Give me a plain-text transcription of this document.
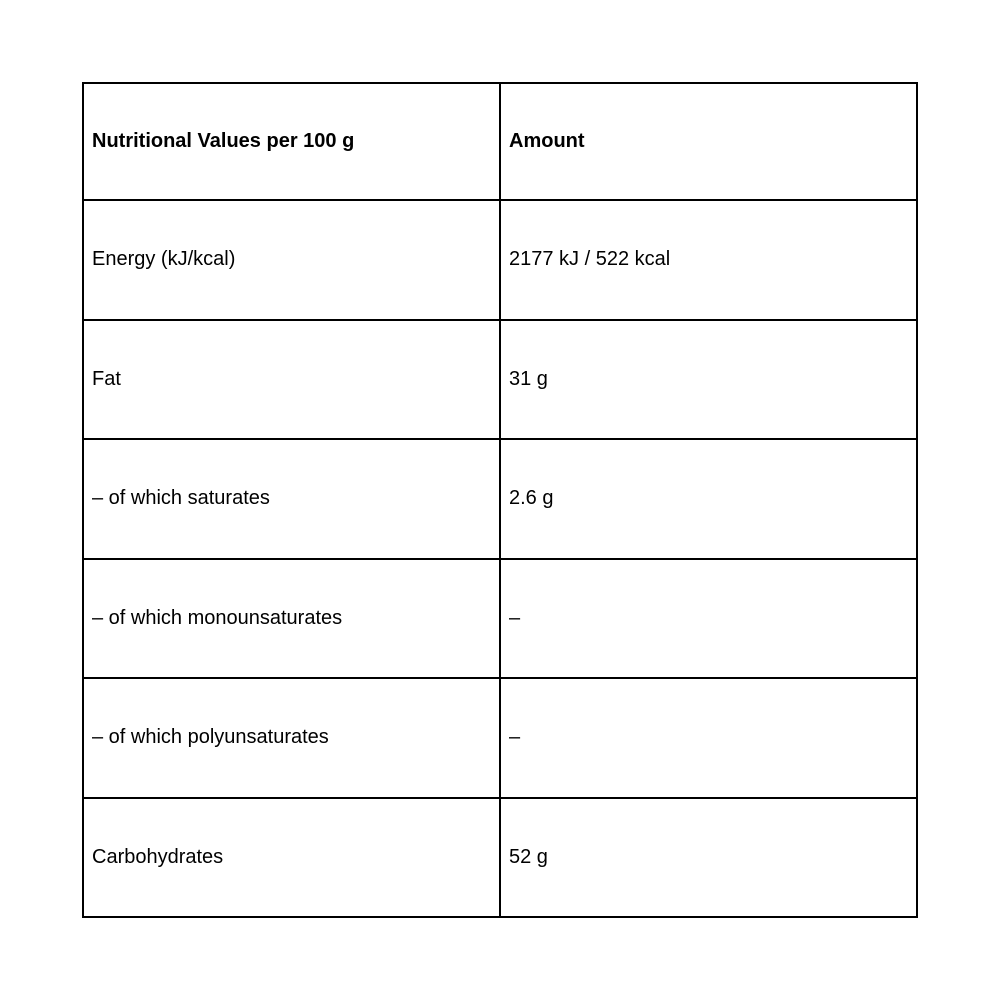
Nutritional Values per 100 g	Amount
Energy (kJ/kcal)	2177 kJ / 522 kcal
Fat	31 g
– of which saturates	2.6 g
– of which monounsaturates	–
– of which polyunsaturates	–
Carbohydrates	52 g
